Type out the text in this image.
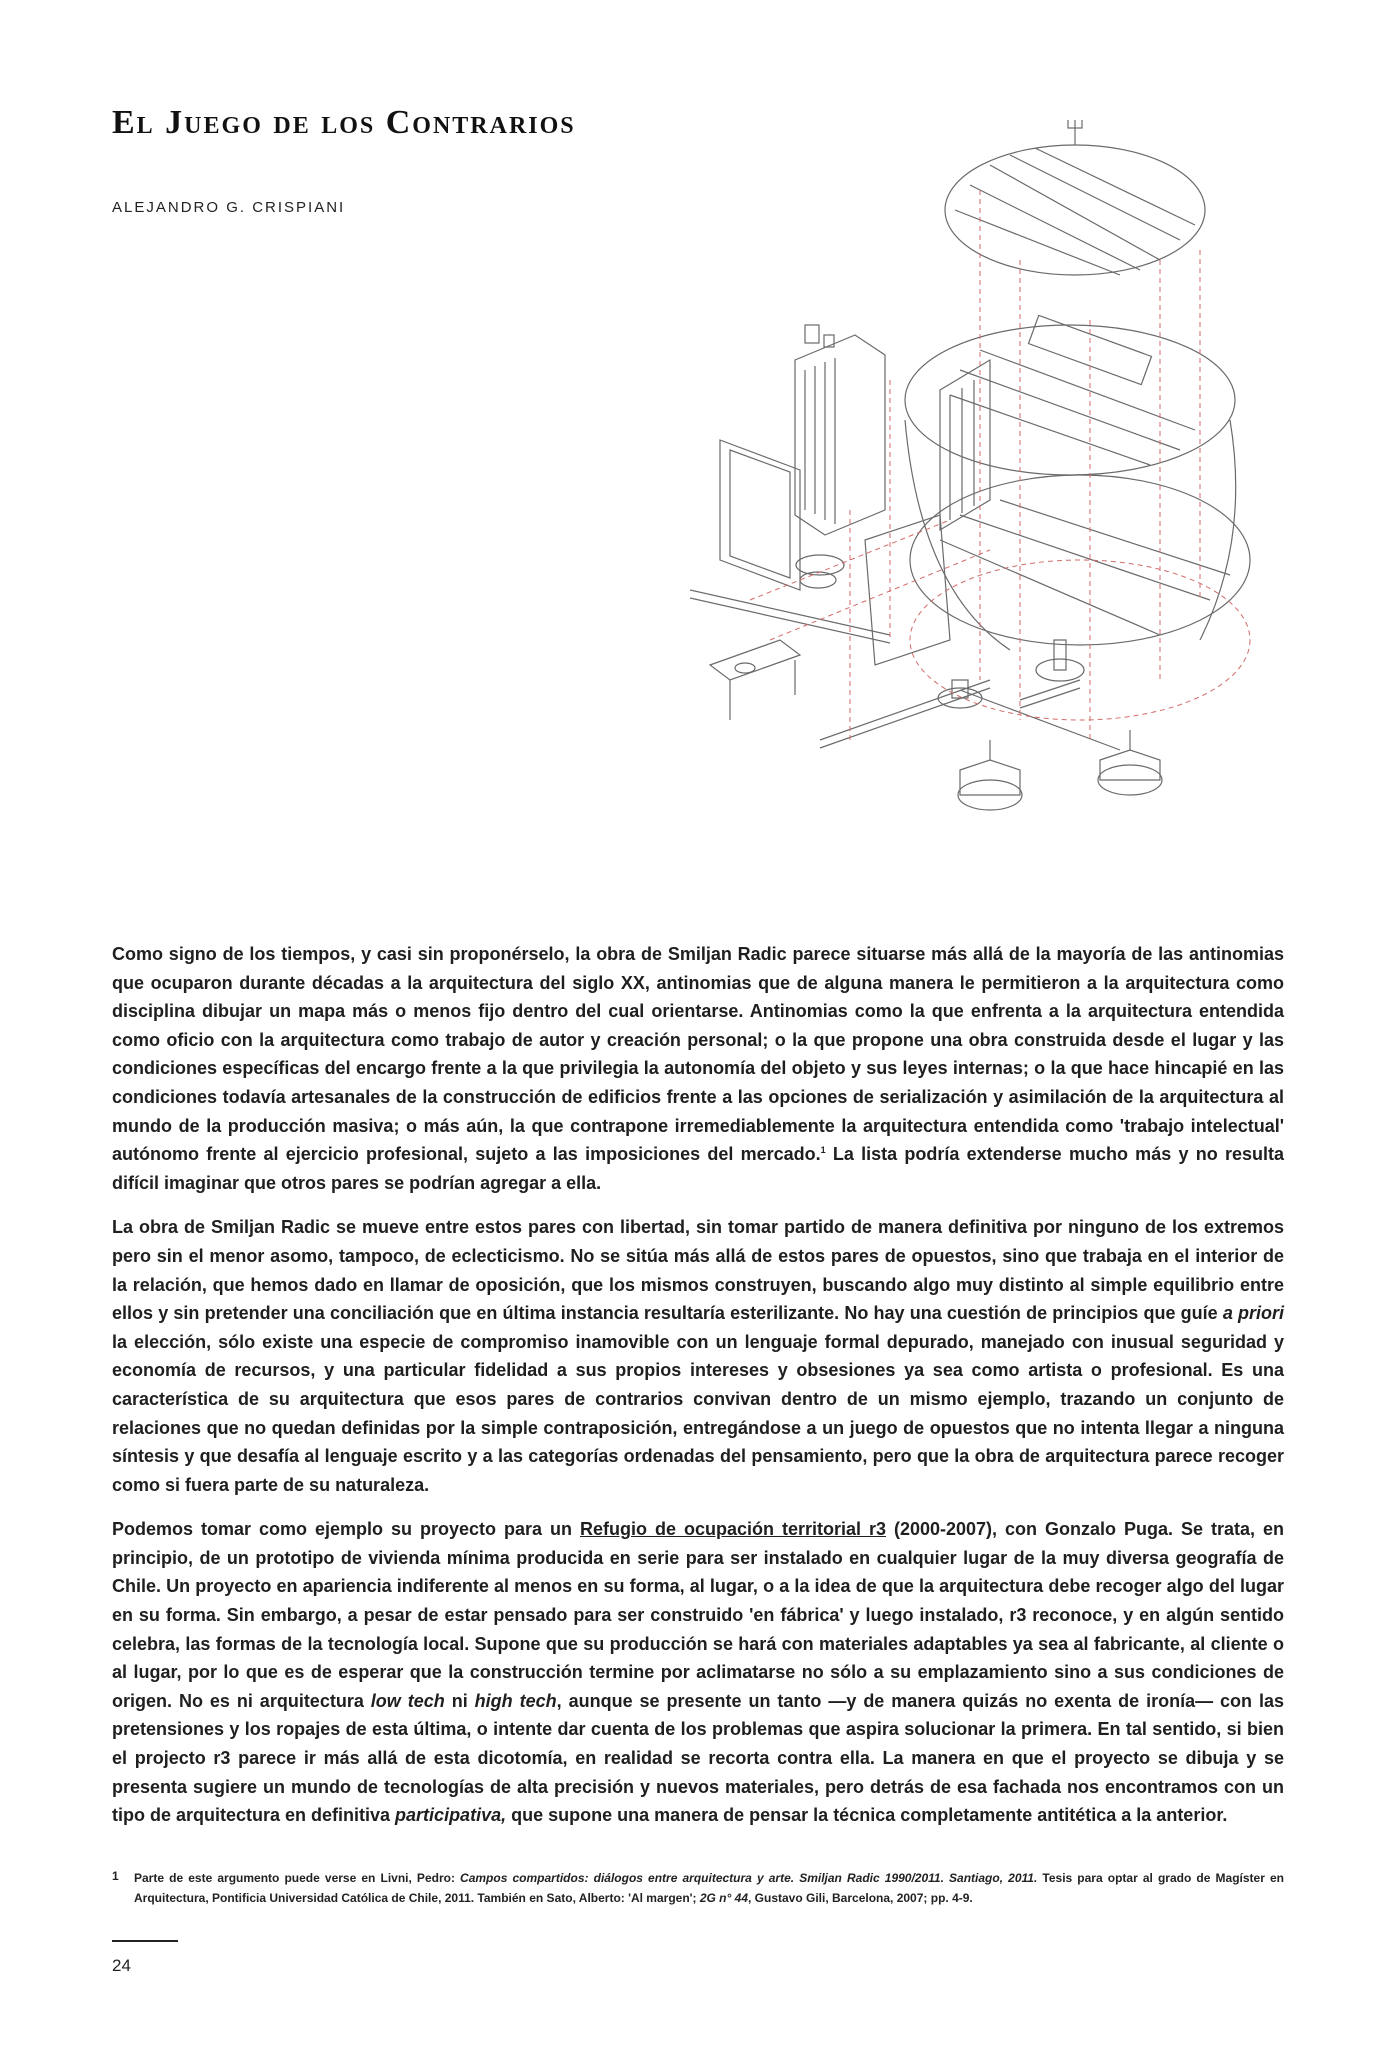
El Juego de los Contrarios
ALEJANDRO G. CRISPIANI

Como signo de los tiempos, y casi sin proponérselo, la obra de Smiljan Radic parece situarse más allá de la mayoría de las antinomias que ocuparon durante décadas a la arquitectura del siglo XX, antinomias que de alguna manera le permitieron a la arquitectura como disciplina dibujar un mapa más o menos fijo dentro del cual orientarse. Antinomias como la que enfrenta a la arquitectura entendida como oficio con la arquitectura como trabajo de autor y creación personal; o la que propone una obra construida desde el lugar y las condiciones específicas del encargo frente a la que privilegia la autonomía del objeto y sus leyes internas; o la que hace hincapié en las condiciones todavía artesanales de la construcción de edificios frente a las opciones de serialización y asimilación de la arquitectura al mundo de la producción masiva; o más aún, la que contrapone irremediablemente la arquitectura entendida como 'trabajo intelectual' autónomo frente al ejercicio profesional, sujeto a las imposiciones del mercado.$^1$ La lista podría extenderse mucho más y no resulta difícil imaginar que otros pares se podrían agregar a ella.

La obra de Smiljan Radic se mueve entre estos pares con libertad, sin tomar partido de manera definitiva por ninguno de los extremos pero sin el menor asomo, tampoco, de eclecticismo. No se sitúa más allá de estos pares de opuestos, sino que trabaja en el interior de la relación, que hemos dado en llamar de oposición, que los mismos construyen, buscando algo muy distinto al simple equilibrio entre ellos y sin pretender una conciliación que en última instancia resultaría esterilizante. No hay una cuestión de principios que guíe a priori la elección, sólo existe una especie de compromiso inamovible con un lenguaje formal depurado, manejado con inusual seguridad y economía de recursos, y una particular fidelidad a sus propios intereses y obsesiones ya sea como artista o profesional. Es una característica de su arquitectura que esos pares de contrarios convivan dentro de un mismo ejemplo, trazando un conjunto de relaciones que no quedan definidas por la simple contraposición, entregándose a un juego de opuestos que no intenta llegar a ninguna síntesis y que desafía al lenguaje escrito y a las categorías ordenadas del pensamiento, pero que la obra de arquitectura parece recoger como si fuera parte de su naturaleza.

Podemos tomar como ejemplo su proyecto para un Refugio de ocupación territorial r3 (2000-2007), con Gonzalo Puga. Se trata, en principio, de un prototipo de vivienda mínima producida en serie para ser instalado en cualquier lugar de la muy diversa geografía de Chile. Un proyecto en apariencia indiferente al menos en su forma, al lugar, o a la idea de que la arquitectura debe recoger algo del lugar en su forma. Sin embargo, a pesar de estar pensado para ser construido 'en fábrica' y luego instalado, r3 reconoce, y en algún sentido celebra, las formas de la tecnología local. Supone que su producción se hará con materiales adaptables ya sea al fabricante, al cliente o al lugar, por lo que es de esperar que la construcción termine por aclimatarse no sólo a su emplazamiento sino a sus condiciones de origen. No es ni arquitectura low tech ni high tech, aunque se presente un tanto —y de manera quizás no exenta de ironía— con las pretensiones y los ropajes de esta última, o intente dar cuenta de los problemas que aspira solucionar la primera. En tal sentido, si bien el projecto r3 parece ir más allá de esta dicotomía, en realidad se recorta contra ella. La manera en que el proyecto se dibuja y se presenta sugiere un mundo de tecnologías de alta precisión y nuevos materiales, pero detrás de esa fachada nos encontramos con un tipo de arquitectura en definitiva participativa, que supone una manera de pensar la técnica completamente antitética a la anterior.

1 Parte de este argumento puede verse en Livni, Pedro: Campos compartidos: diálogos entre arquitectura y arte. Smiljan Radic 1990/2011. Santiago, 2011. Tesis para optar al grado de Magíster en Arquitectura, Pontificia Universidad Católica de Chile, 2011. También en Sato, Alberto: 'Al margen'; 2G n° 44, Gustavo Gili, Barcelona, 2007; pp. 4-9.
24
